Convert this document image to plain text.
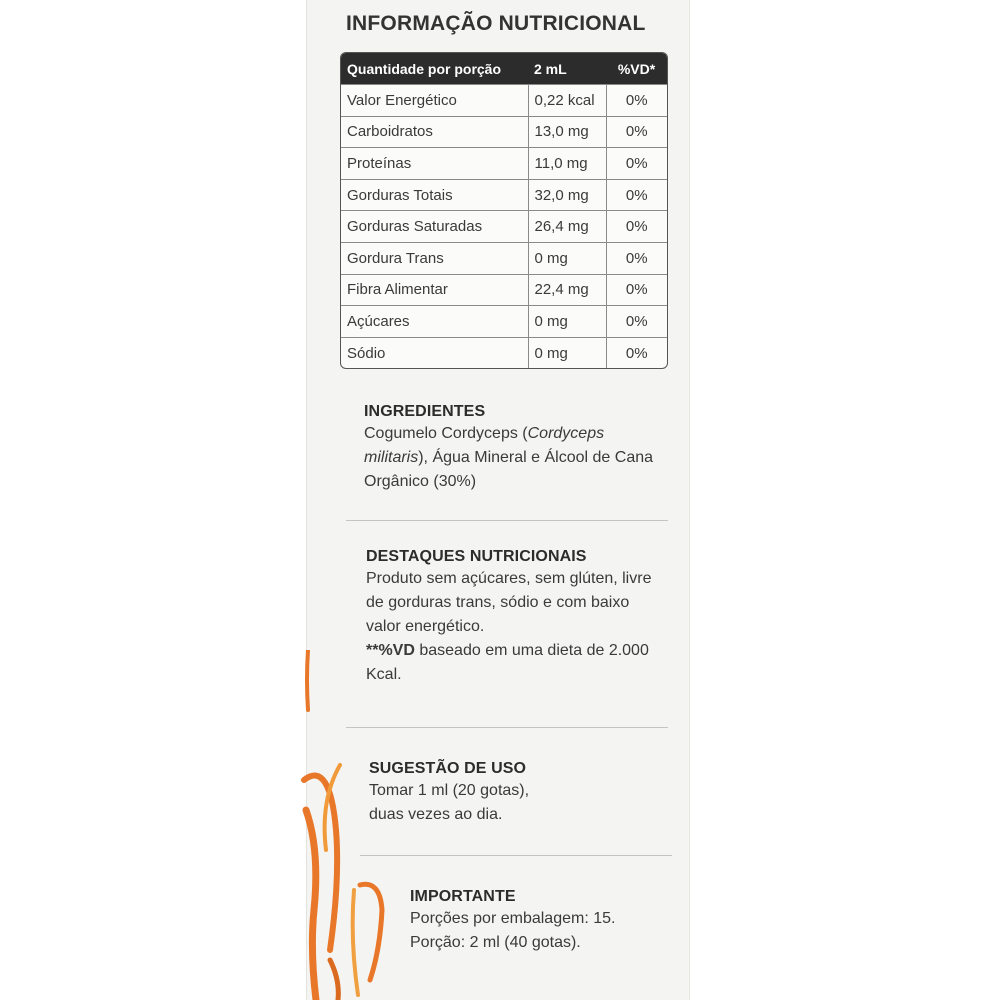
INFORMAÇÃO NUTRICIONAL
Quantidade por porção	2 mL	%VD*
Valor Energético	0,22 kcal	0%
Carboidratos	13,0 mg	0%
Proteínas	11,0 mg	0%
Gorduras Totais	32,0 mg	0%
Gorduras Saturadas	26,4 mg	0%
Gordura Trans	0 mg	0%
Fibra Alimentar	22,4 mg	0%
Açúcares	0 mg	0%
Sódio	0 mg	0%
INGREDIENTES

Cogumelo Cordyceps (Cordyceps militaris), Água Mineral e Álcool de Cana Orgânico (30%)

DESTAQUES NUTRICIONAIS

Produto sem açúcares, sem glúten, livre de gorduras trans, sódio e com baixo valor energético.

**%VD baseado em uma dieta de 2.000 Kcal.

SUGESTÃO DE USO

Tomar 1 ml (20 gotas),

duas vezes ao dia.

IMPORTANTE

Porções por embalagem: 15.

Porção: 2 ml (40 gotas).
